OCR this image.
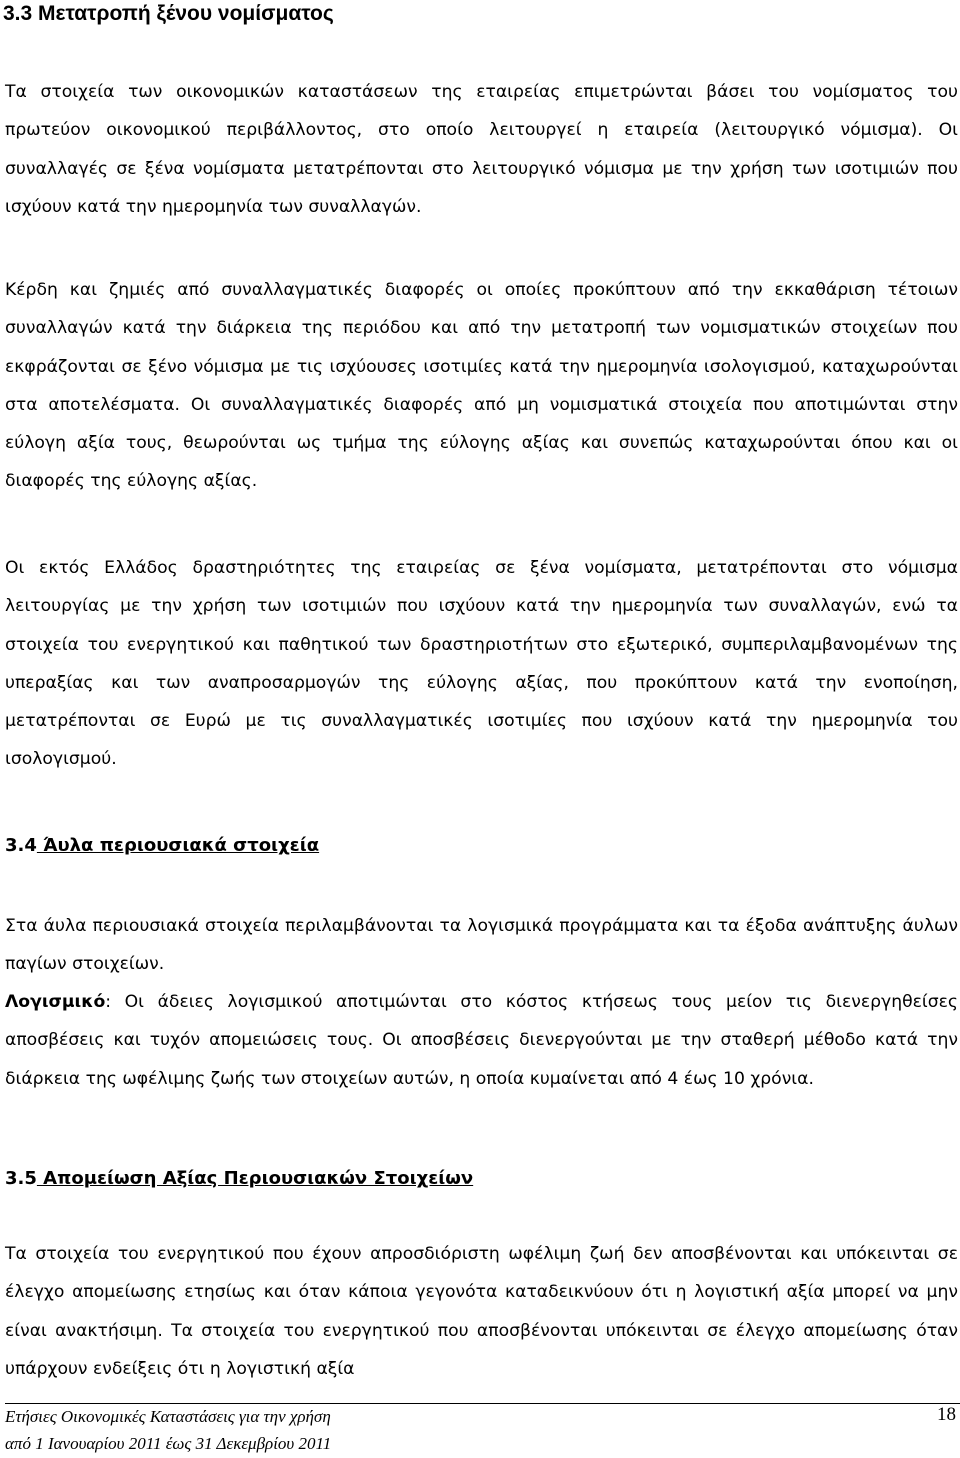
3.3 Μετατροπή ξένου νομίσματος

Τα στοιχεία των οικονομικών καταστάσεων της εταιρείας επιμετρώνται βάσει του νομίσματος του πρωτεύον οικονομικού περιβάλλοντος, στο οποίο λειτουργεί η εταιρεία (λειτουργικό νόμισμα). Οι συναλλαγές σε ξένα νομίσματα μετατρέπονται στο λειτουργικό νόμισμα με την χρήση των ισοτιμιών που ισχύουν κατά την ημερομηνία των συναλλαγών.

Κέρδη και ζημιές από συναλλαγματικές διαφορές οι οποίες προκύπτουν από την εκκαθάριση τέτοιων συναλλαγών κατά την διάρκεια της περιόδου και από την μετατροπή των νομισματικών στοιχείων που εκφράζονται σε ξένο νόμισμα με τις ισχύουσες ισοτιμίες κατά την ημερομηνία ισολογισμού, καταχωρούνται στα αποτελέσματα. Οι συναλλαγματικές διαφορές από μη νομισματικά στοιχεία που αποτιμώνται στην εύλογη αξία τους, θεωρούνται ως τμήμα της εύλογης αξίας και συνεπώς καταχωρούνται όπου και οι διαφορές της εύλογης αξίας.

Οι εκτός Ελλάδος δραστηριότητες της εταιρείας σε ξένα νομίσματα, μετατρέπονται στο νόμισμα λειτουργίας με την χρήση των ισοτιμιών που ισχύουν κατά την ημερομηνία των συναλλαγών, ενώ τα στοιχεία του ενεργητικού και παθητικού των δραστηριοτήτων στο εξωτερικό, συμπεριλαμβανομένων της υπεραξίας και των αναπροσαρμογών της εύλογης αξίας, που προκύπτουν κατά την ενοποίηση, μετατρέπονται σε Ευρώ με τις συναλλαγματικές ισοτιμίες που ισχύουν κατά την ημερομηνία του ισολογισμού.

3.4 Άυλα περιουσιακά στοιχεία

Στα άυλα περιουσιακά στοιχεία περιλαμβάνονται τα λογισμικά προγράμματα και τα έξοδα ανάπτυξης άυλων παγίων στοιχείων.

Λογισμικό: Οι άδειες λογισμικού αποτιμώνται στο κόστος κτήσεως τους μείον τις διενεργηθείσες αποσβέσεις και τυχόν απομειώσεις τους. Οι αποσβέσεις διενεργούνται με την σταθερή μέθοδο κατά την διάρκεια της ωφέλιμης ζωής των στοιχείων αυτών, η οποία κυμαίνεται από 4 έως 10 χρόνια.

3.5 Απομείωση Αξίας Περιουσιακών Στοιχείων

Τα στοιχεία του ενεργητικού που έχουν απροσδιόριστη ωφέλιμη ζωή δεν αποσβένονται και υπόκεινται σε έλεγχο απομείωσης ετησίως και όταν κάποια γεγονότα καταδεικνύουν ότι η λογιστική αξία μπορεί να μην είναι ανακτήσιμη. Τα στοιχεία του ενεργητικού που αποσβένονται υπόκεινται σε έλεγχο απομείωσης όταν υπάρχουν ενδείξεις ότι η λογιστική αξία

Ετήσιες Οικονομικές Καταστάσεις για την χρήση
από 1 Ιανουαρίου 2011 έως 31 Δεκεμβρίου 2011
18
